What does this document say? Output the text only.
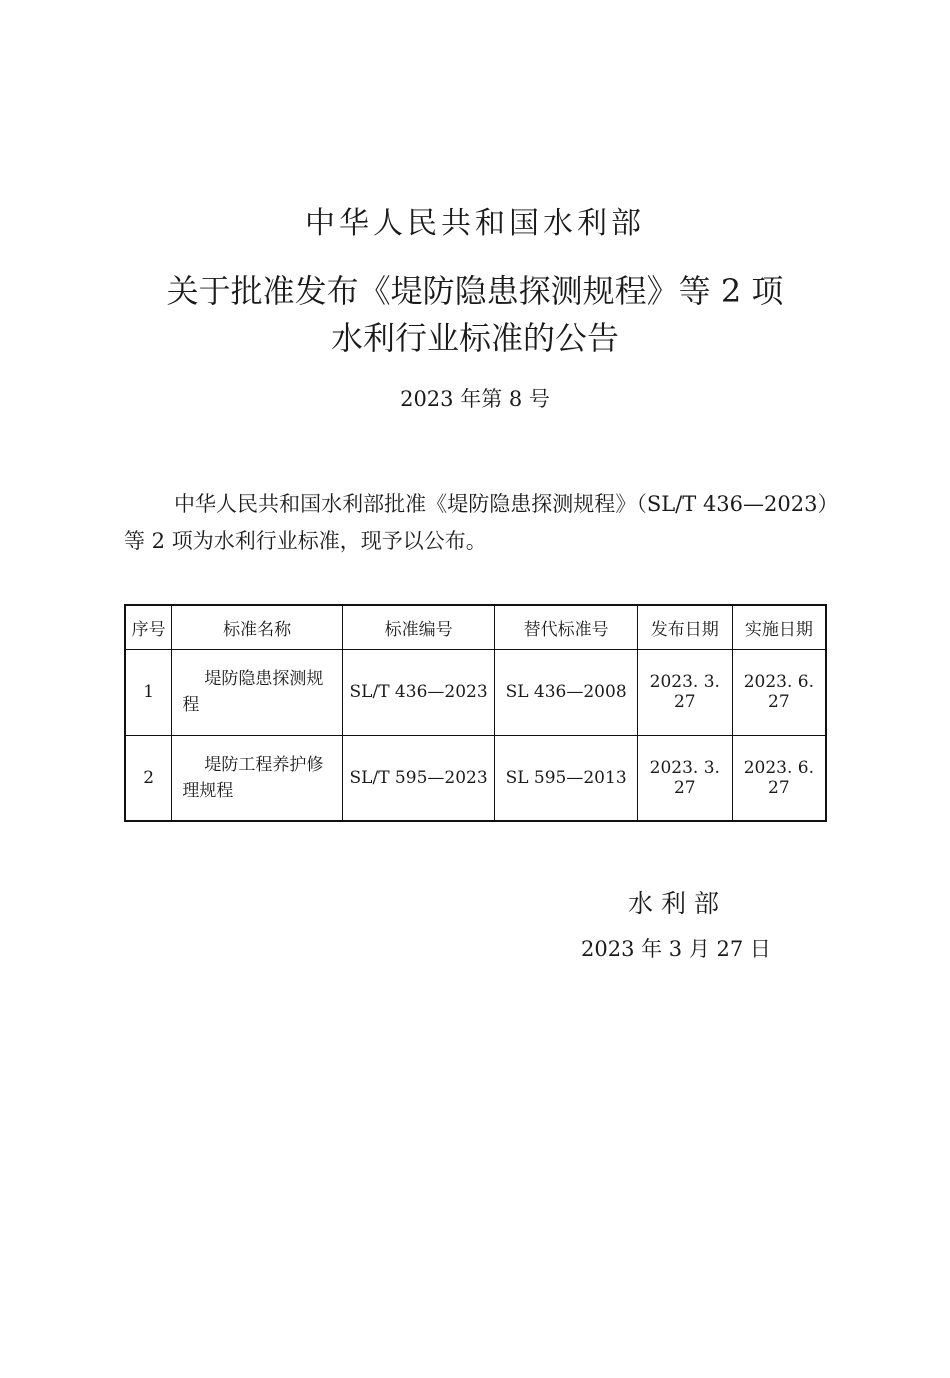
中华人民共和国水利部
关于批准发布《堤防隐患探测规程》等 2 项
水利行业标准的公告
2023 年第 8 号

中华人民共和国水利部批准《堤防隐患探测规程》（SL/T 436—2023）等 2 项为水利行业标准，现予以公布。

序号	标准名称	标准编号	替代标准号	发布日期	实施日期
1	堤防隐患探测规程	SL/T 436—2023	SL 436—2008	2023. 3. 27	2023. 6. 27
2	堤防工程养护修理规程	SL/T 595—2023	SL 595—2013	2023. 3. 27	2023. 6. 27
水利部
2023 年 3 月 27 日
